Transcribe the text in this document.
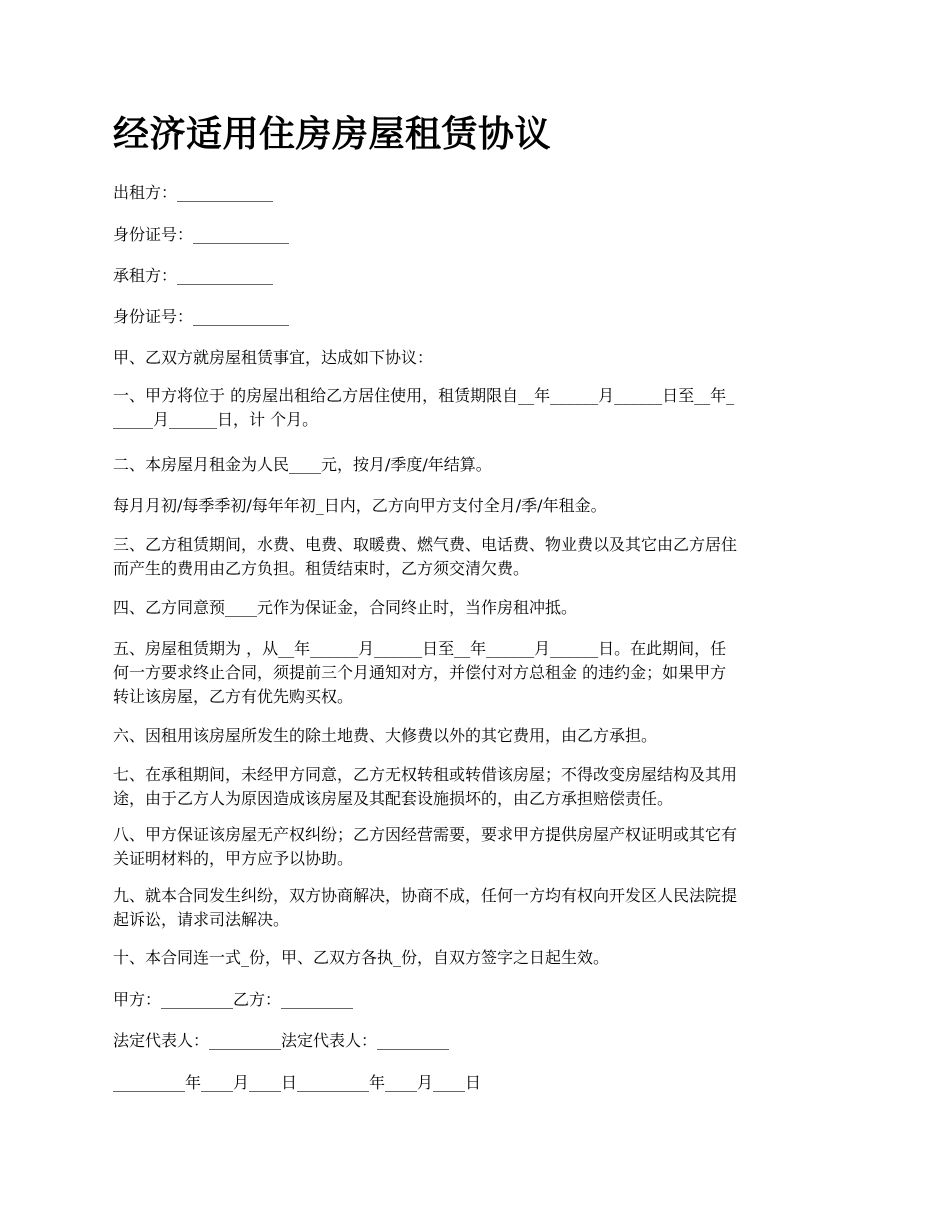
经济适用住房房屋租赁协议

出租方：____________

身份证号：____________

承租方：____________

身份证号：____________

甲、乙双方就房屋租赁事宜，达成如下协议：

一、甲方将位于 的房屋出租给乙方居住使用，租赁期限自__年______月______日至__年_
_____月______日，计 个月。

二、本房屋月租金为人民____元，按月/季度/年结算。

每月月初/每季季初/每年年初_日内，乙方向甲方支付全月/季/年租金。

三、乙方租赁期间，水费、电费、取暖费、燃气费、电话费、物业费以及其它由乙方居住
而产生的费用由乙方负担。租赁结束时，乙方须交清欠费。

四、乙方同意预____元作为保证金，合同终止时，当作房租冲抵。

五、房屋租赁期为 ，从__年______月______日至__年______月______日。在此期间，任
何一方要求终止合同，须提前三个月通知对方，并偿付对方总租金 的违约金；如果甲方
转让该房屋，乙方有优先购买权。

六、因租用该房屋所发生的除土地费、大修费以外的其它费用，由乙方承担。

七、在承租期间，未经甲方同意，乙方无权转租或转借该房屋；不得改变房屋结构及其用
途，由于乙方人为原因造成该房屋及其配套设施损坏的，由乙方承担赔偿责任。

八、甲方保证该房屋无产权纠纷；乙方因经营需要，要求甲方提供房屋产权证明或其它有
关证明材料的，甲方应予以协助。

九、就本合同发生纠纷，双方协商解决，协商不成，任何一方均有权向开发区人民法院提
起诉讼，请求司法解决。

十、本合同连一式_份，甲、乙双方各执_份，自双方签字之日起生效。

甲方：_________乙方：_________

法定代表人：_________法定代表人：_________

_________年____月____日_________年____月____日
